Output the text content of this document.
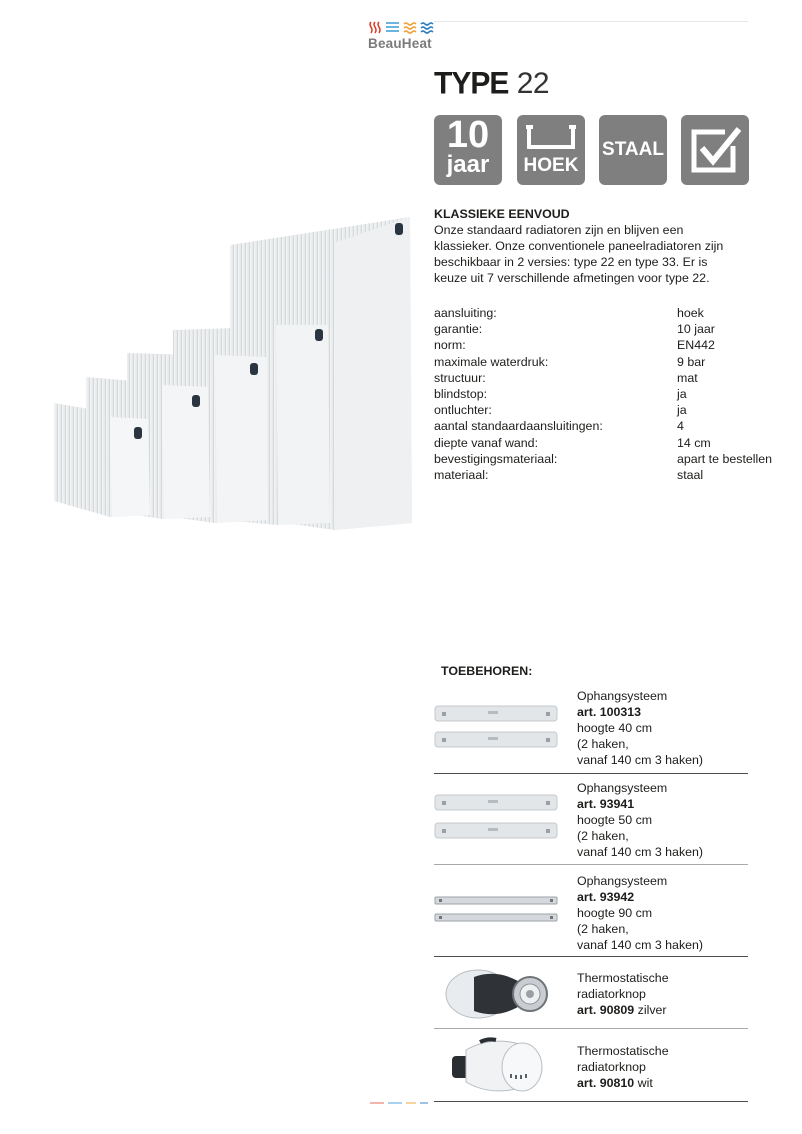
BeauHeat
TYPE 22
10
jaar	HOEK
STAAL
KLASSIEKE EENVOUD
Onze standaard radiatoren zijn en blijven een
klassieker. Onze conventionele paneelradiatoren zijn
beschikbaar in 2 versies: type 22 en type 33. Er is
keuze uit 7 verschillende afmetingen voor type 22.
aansluiting:	hoek
garantie:	10 jaar
norm:	EN442
maximale waterdruk:	9 bar
structuur:	mat
blindstop:	ja
ontluchter:	ja
aantal standaardaansluitingen:	4
diepte vanaf wand:	14 cm
bevestigingsmateriaal:	apart te bestellen
materiaal:	staal
TOEBEHOREN:
Ophangsysteem
art. 100313
hoogte 40 cm
(2 haken,
vanaf 140 cm 3 haken)
Ophangsysteem
art. 93941
hoogte 50 cm
(2 haken,
vanaf 140 cm 3 haken)
Ophangsysteem
art. 93942
hoogte 90 cm
(2 haken,
vanaf 140 cm 3 haken)
Thermostatische
radiatorknop
art. 90809 zilver
Thermostatische
radiatorknop
art. 90810 wit
